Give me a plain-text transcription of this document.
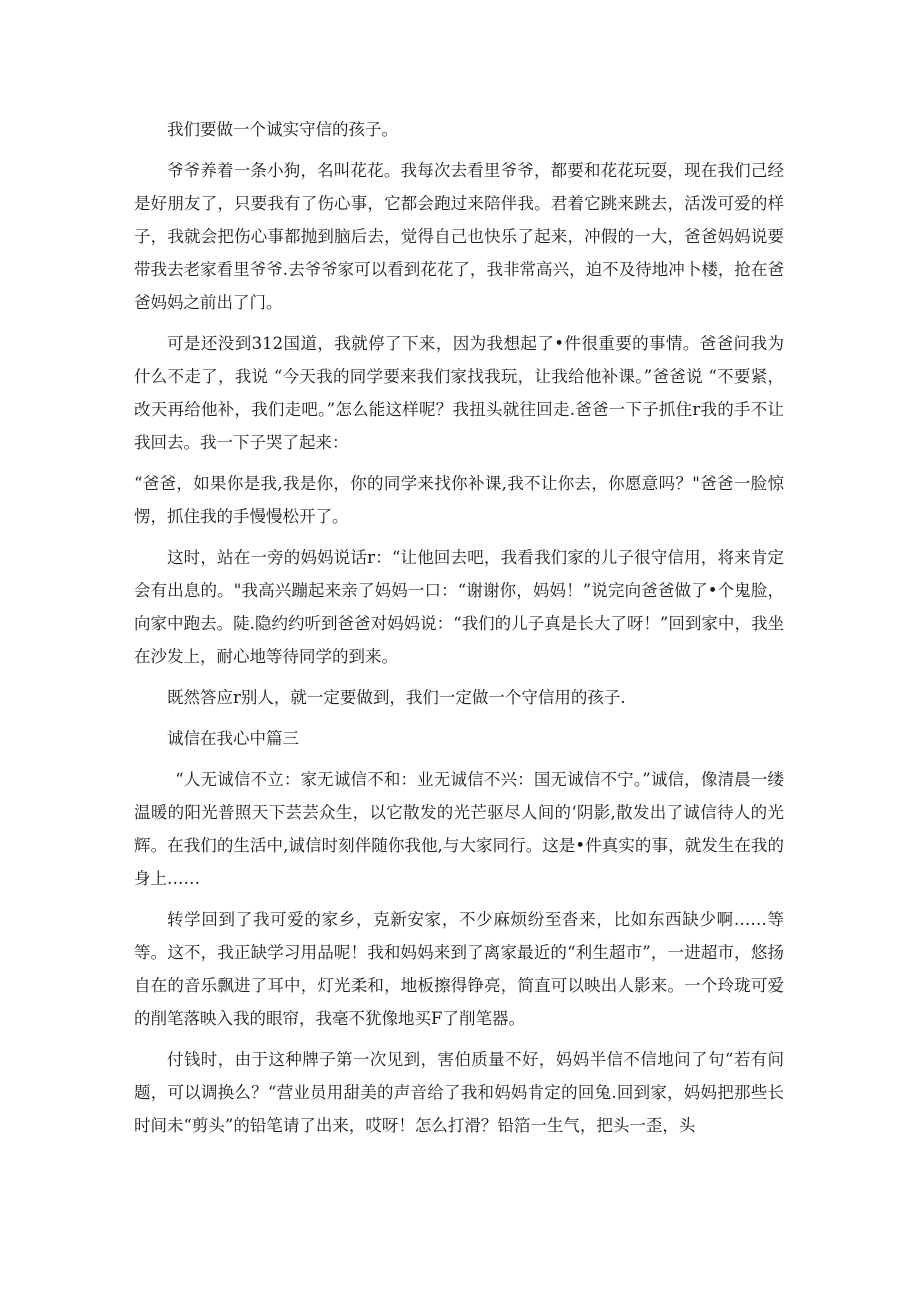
我们要做一个诚实守信的孩子。

爷爷养着一条小狗，名叫花花。我每次去看里爷爷，都要和花花玩耍，现在我们己经是好朋友了，只要我有了伤心事，它都会跑过来陪伴我。君着它跳来跳去，活泼可爱的样子，我就会把伤心事都抛到脑后去，觉得自己也快乐了起来，冲假的一大，爸爸妈妈说要带我去老家看里爷爷.去爷爷家可以看到花花了，我非常高兴，迫不及待地冲卜楼，抢在爸爸妈妈之前出了门。

可是还没到312国道，我就停了下来，因为我想起了•件很重要的事情。爸爸问我为什么不走了，我说 “今天我的同学要来我们家找我玩，让我给他补课。”爸爸说 “不要紧，改天再给他补，我们走吧。”怎么能这样呢？我扭头就往回走.爸爸一下子抓住r我的手不让我回去。我一下子哭了起来：

“爸爸，如果你是我,我是你，你的同学来找你补课,我不让你去，你愿意吗？"爸爸一脸惊愣，抓住我的手慢慢松开了。

这时，站在一旁的妈妈说话r：“让他回去吧，我看我们家的儿子很守信用，将来肯定会有出息的。"我高兴蹦起来亲了妈妈一口：“谢谢你，妈妈！”说完向爸爸做了•个鬼脸，向家中跑去。陡.隐约约听到爸爸对妈妈说：“我们的儿子真是长大了呀！”回到家中，我坐在沙发上，耐心地等待同学的到来。

既然答应r别人，就一定要做到，我们一定做一个守信用的孩子.

诚信在我心中篇三

“人无诚信不立：家无诚信不和：业无诚信不兴：国无诚信不宁。”诚信，像清晨一缕温暖的阳光普照天下芸芸众生，以它散发的光芒驱尽人间的‘阴影,散发出了诚信待人的光辉。在我们的生活中,诚信时刻伴随你我他,与大家同行。这是•件真实的事，就发生在我的身上……

转学回到了我可爱的家乡，克新安家，不少麻烦纷至沓来，比如东西缺少啊……等等。这不，我正缺学习用品呢！我和妈妈来到了离家最近的“利生超市”，一进超市，悠扬自在的音乐飘进了耳中，灯光柔和，地板擦得铮亮，简直可以映出人影来。一个玲珑可爱的削笔落映入我的眼帘，我毫不犹像地买F了削笔器。

付钱时，由于这种牌子第一次见到，害伯质量不好，妈妈半信不信地问了句“若有问题，可以调换么？“营业员用甜美的声音给了我和妈妈肯定的回兔.回到家，妈妈把那些长时间未“剪头”的铅笔请了出来，哎呀！怎么打滑？铅箔一生气，把头一歪，头
